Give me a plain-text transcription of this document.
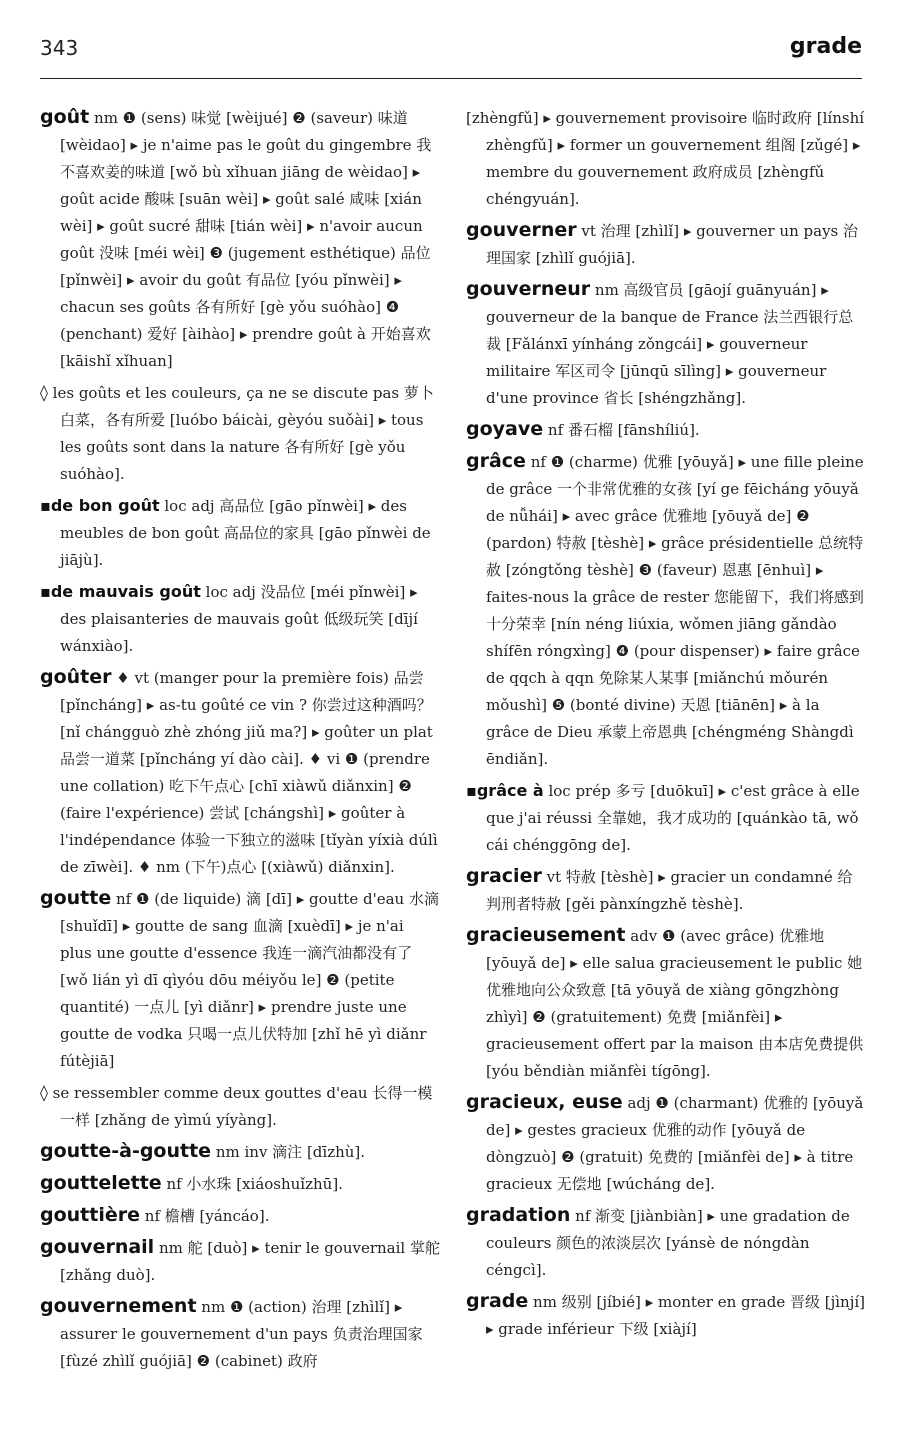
343	grade

goût nm ❶ (sens) 味觉 [wèijué] ❷ (saveur) 味道 [wèidao] ▸ je n'aime pas le goût du gingembre 我不喜欢姜的味道 [wǒ bù xǐhuan jiāng de wèidao] ▸ goût acide 酸味 [suān wèi] ▸ goût salé 咸味 [xián wèi] ▸ goût sucré 甜味 [tián wèi] ▸ n'avoir aucun goût 没味 [méi wèi] ❸ (jugement esthétique) 品位 [pǐnwèi] ▸ avoir du goût 有品位 [yóu pǐnwèi] ▸ chacun ses goûts 各有所好 [gè yǒu suóhào] ❹ (penchant) 爱好 [àihào] ▸ prendre goût à 开始喜欢 [kāishǐ xǐhuan]

◊ les goûts et les couleurs, ça ne se discute pas 萝卜白菜，各有所爱 [luóbo báicài, gèyóu suǒài] ▸ tous les goûts sont dans la nature 各有所好 [gè yǒu suóhào].

▪de bon goût loc adj 高品位 [gāo pǐnwèi] ▸ des meubles de bon goût 高品位的家具 [gāo pǐnwèi de jiājù].

▪de mauvais goût loc adj 没品位 [méi pǐnwèi] ▸ des plaisanteries de mauvais goût 低级玩笑 [dījí wánxiào].

goûter ♦ vt (manger pour la première fois) 品尝 [pǐncháng] ▸ as-tu goûté ce vin ? 你尝过这种酒吗？ [nǐ chángguò zhè zhóng jiǔ ma?] ▸ goûter un plat 品尝一道菜 [pǐncháng yí dào cài]. ♦ vi ❶ (prendre une collation) 吃下午点心 [chī xiàwǔ diǎnxin] ❷ (faire l'expérience) 尝试 [chángshì] ▸ goûter à l'indépendance 体验一下独立的滋味 [tǐyàn yíxià dúlì de zīwèi]. ♦ nm (下午)点心 [(xiàwǔ) diǎnxin].

goutte nf ❶ (de liquide) 滴 [dī] ▸ goutte d'eau 水滴 [shuǐdī] ▸ goutte de sang 血滴 [xuèdī] ▸ je n'ai plus une goutte d'essence 我连一滴汽油都没有了 [wǒ lián yì dī qìyóu dōu méiyǒu le] ❷ (petite quantité) 一点儿 [yì diǎnr] ▸ prendre juste une goutte de vodka 只喝一点儿伏特加 [zhǐ hē yì diǎnr fútèjiā]

◊ se ressembler comme deux gouttes d'eau 长得一模一样 [zhǎng de yìmú yíyàng].

goutte-à-goutte nm inv 滴注 [dīzhù].

gouttelette nf 小水珠 [xiáoshuǐzhū].

gouttière nf 檐槽 [yáncáo].

gouvernail nm 舵 [duò] ▸ tenir le gouvernail 掌舵 [zhǎng duò].

gouvernement nm ❶ (action) 治理 [zhìlǐ] ▸ assurer le gouvernement d'un pays 负责治理国家 [fùzé zhìlǐ guójiā] ❷ (cabinet) 政府

[zhèngfǔ] ▸ gouvernement provisoire 临时政府 [línshí zhèngfǔ] ▸ former un gouvernement 组阁 [zǔgé] ▸ membre du gouvernement 政府成员 [zhèngfǔ chéngyuán].

gouverner vt 治理 [zhìlǐ] ▸ gouverner un pays 治理国家 [zhìlǐ guójiā].

gouverneur nm 高级官员 [gāojí guānyuán] ▸ gouverneur de la banque de France 法兰西银行总裁 [Fǎlánxī yínháng zǒngcái] ▸ gouverneur militaire 军区司令 [jūnqū sīlìng] ▸ gouverneur d'une province 省长 [shéngzhǎng].

goyave nf 番石榴 [fānshíliú].

grâce nf ❶ (charme) 优雅 [yōuyǎ] ▸ une fille pleine de grâce 一个非常优雅的女孩 [yí ge fēicháng yōuyǎ de nǚhái] ▸ avec grâce 优雅地 [yōuyǎ de] ❷ (pardon) 特赦 [tèshè] ▸ grâce présidentielle 总统特赦 [zóngtǒng tèshè] ❸ (faveur) 恩惠 [ēnhuì] ▸ faites-nous la grâce de rester 您能留下，我们将感到十分荣幸 [nín néng liúxia, wǒmen jiāng gǎndào shífēn róngxìng] ❹ (pour dispenser) ▸ faire grâce de qqch à qqn 免除某人某事 [miǎnchú mǒurén mǒushì] ❺ (bonté divine) 天恩 [tiānēn] ▸ à la grâce de Dieu 承蒙上帝恩典 [chéngméng Shàngdì ēndiǎn].

▪grâce à loc prép 多亏 [duōkuī] ▸ c'est grâce à elle que j'ai réussi 全靠她，我才成功的 [quánkào tā, wǒ cái chénggōng de].

gracier vt 特赦 [tèshè] ▸ gracier un condamné 给判刑者特赦 [gěi pànxíngzhě tèshè].

gracieusement adv ❶ (avec grâce) 优雅地 [yōuyǎ de] ▸ elle salua gracieusement le public 她优雅地向公众致意 [tā yōuyǎ de xiàng gōngzhòng zhìyì] ❷ (gratuitement) 免费 [miǎnfèi] ▸ gracieusement offert par la maison 由本店免费提供 [yóu běndiàn miǎnfèi tígōng].

gracieux, euse adj ❶ (charmant) 优雅的 [yōuyǎ de] ▸ gestes gracieux 优雅的动作 [yōuyǎ de dòngzuò] ❷ (gratuit) 免费的 [miǎnfèi de] ▸ à titre gracieux 无偿地 [wúcháng de].

gradation nf 渐变 [jiànbiàn] ▸ une gradation de couleurs 颜色的浓淡层次 [yánsè de nóngdàn céngcì].

grade nm 级别 [jíbié] ▸ monter en grade 晋级 [jìnjí] ▸ grade inférieur 下级 [xiàjí]
